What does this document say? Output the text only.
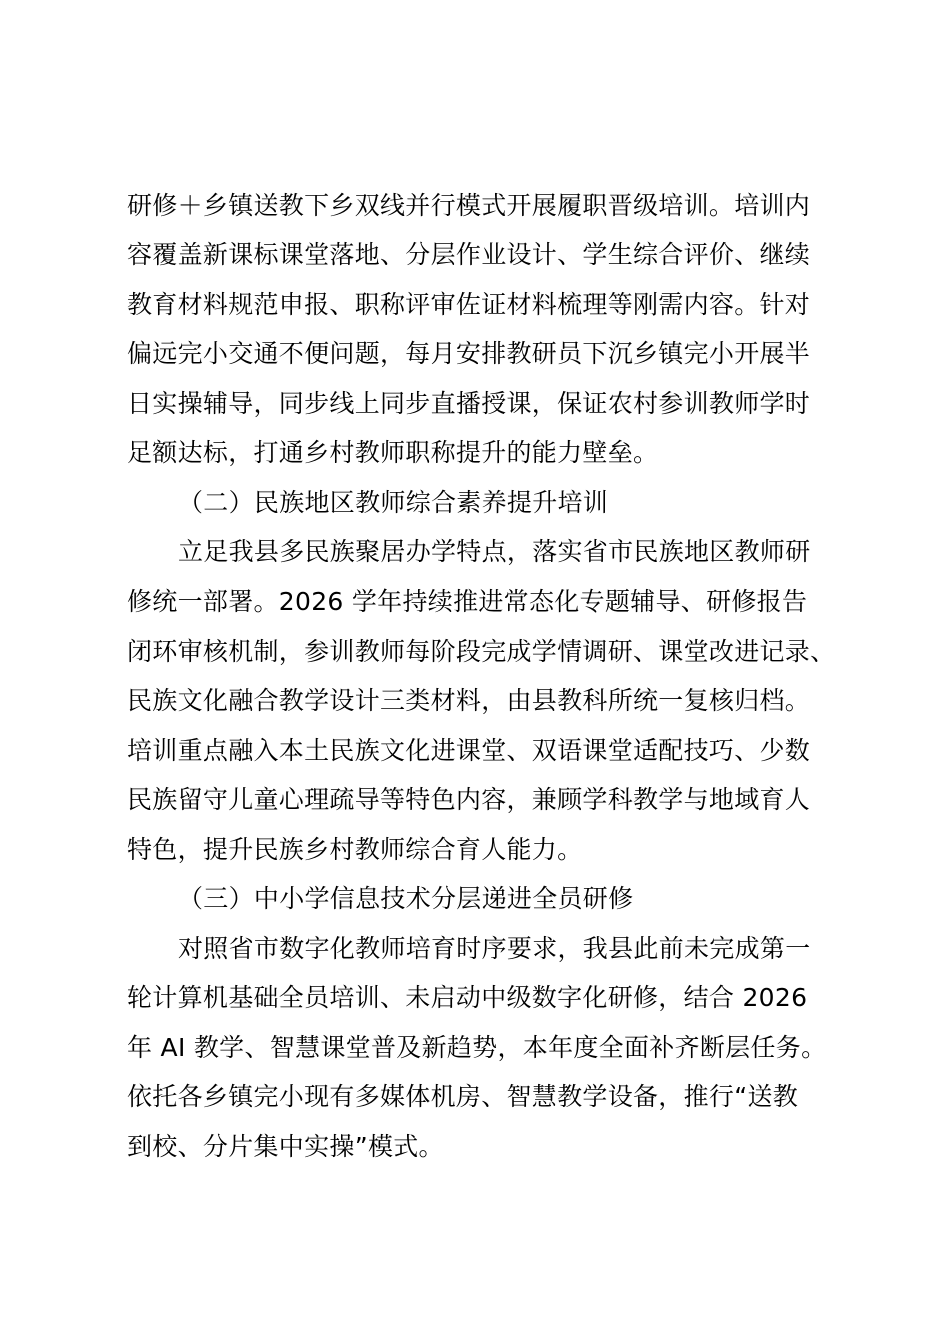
研修＋乡镇送教下乡双线并行模式开展履职晋级培训。培训内
容覆盖新课标课堂落地、分层作业设计、学生综合评价、继续
教育材料规范申报、职称评审佐证材料梳理等刚需内容。针对
偏远完小交通不便问题，每月安排教研员下沉乡镇完小开展半
日实操辅导，同步线上同步直播授课，保证农村参训教师学时
足额达标，打通乡村教师职称提升的能力壁垒。
（二）民族地区教师综合素养提升培训
立足我县多民族聚居办学特点，落实省市民族地区教师研
修统一部署。2026 学年持续推进常态化专题辅导、研修报告
闭环审核机制，参训教师每阶段完成学情调研、课堂改进记录、
民族文化融合教学设计三类材料，由县教科所统一复核归档。
培训重点融入本土民族文化进课堂、双语课堂适配技巧、少数
民族留守儿童心理疏导等特色内容，兼顾学科教学与地域育人
特色，提升民族乡村教师综合育人能力。
（三）中小学信息技术分层递进全员研修
对照省市数字化教师培育时序要求，我县此前未完成第一
轮计算机基础全员培训、未启动中级数字化研修，结合 2026
年 AI 教学、智慧课堂普及新趋势，本年度全面补齐断层任务。
依托各乡镇完小现有多媒体机房、智慧教学设备，推行“送教
到校、分片集中实操”模式。
